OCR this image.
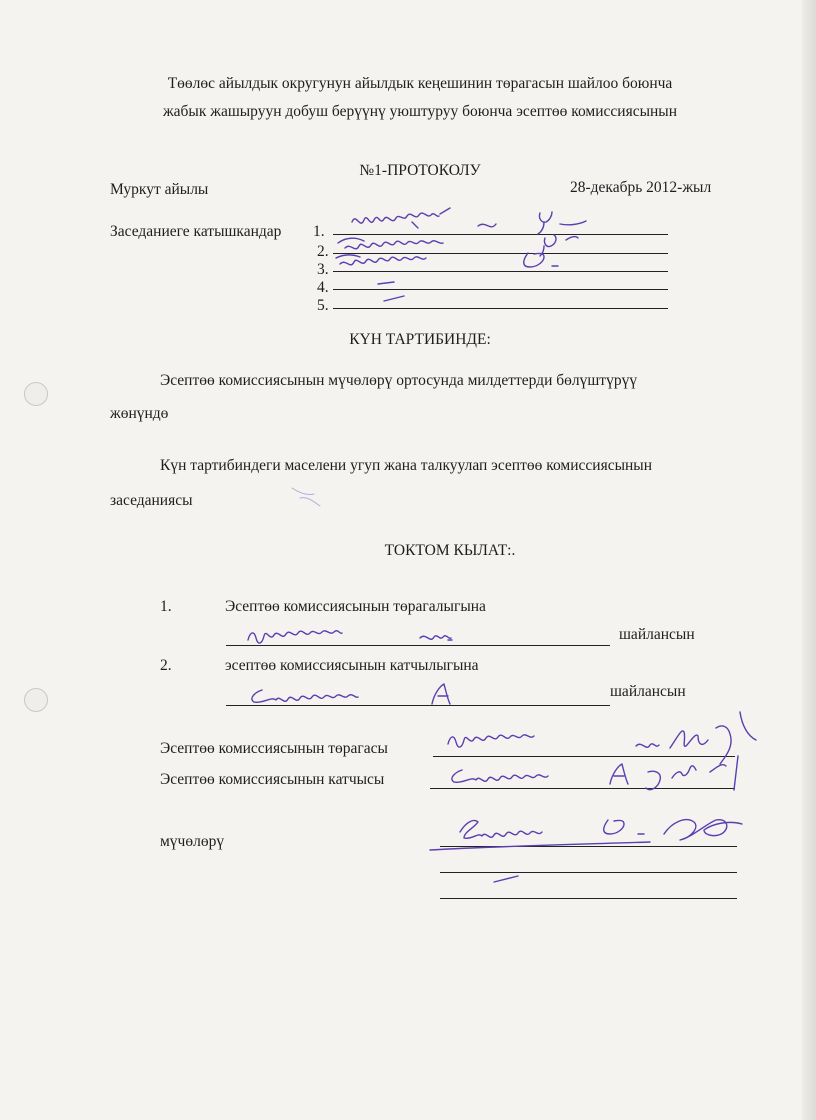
Төөлөс айылдык округунун айылдык кеңешинин төрагасын шайлоо боюнча
жабык жашыруун добуш берүүнү уюштуруу боюнча эсептөө комиссиясынын
№1-ПРОТОКОЛУ
Муркут айылы	28-декабрь 2012-жыл
Заседаниеге катышкандар 1.
2.
3.
4.
5.
КҮН ТАРТИБИНДЕ:
Эсептөө комиссиясынын мүчөлөрү ортосунда милдеттерди бөлүштүрүү
жөнүндө
Күн тартибиндеги маселени угуп жана талкуулап эсептөө комиссиясынын
заседаниясы
ТОКТОМ КЫЛАТ:.
1.	Эсептөө комиссиясынын төрагалыгына
шайлансын
2.	эсептөө комиссиясынын катчылыгына
шайлансын
Эсептөө комиссиясынын төрагасы
Эсептөө комиссиясынын катчысы
мүчөлөрү
